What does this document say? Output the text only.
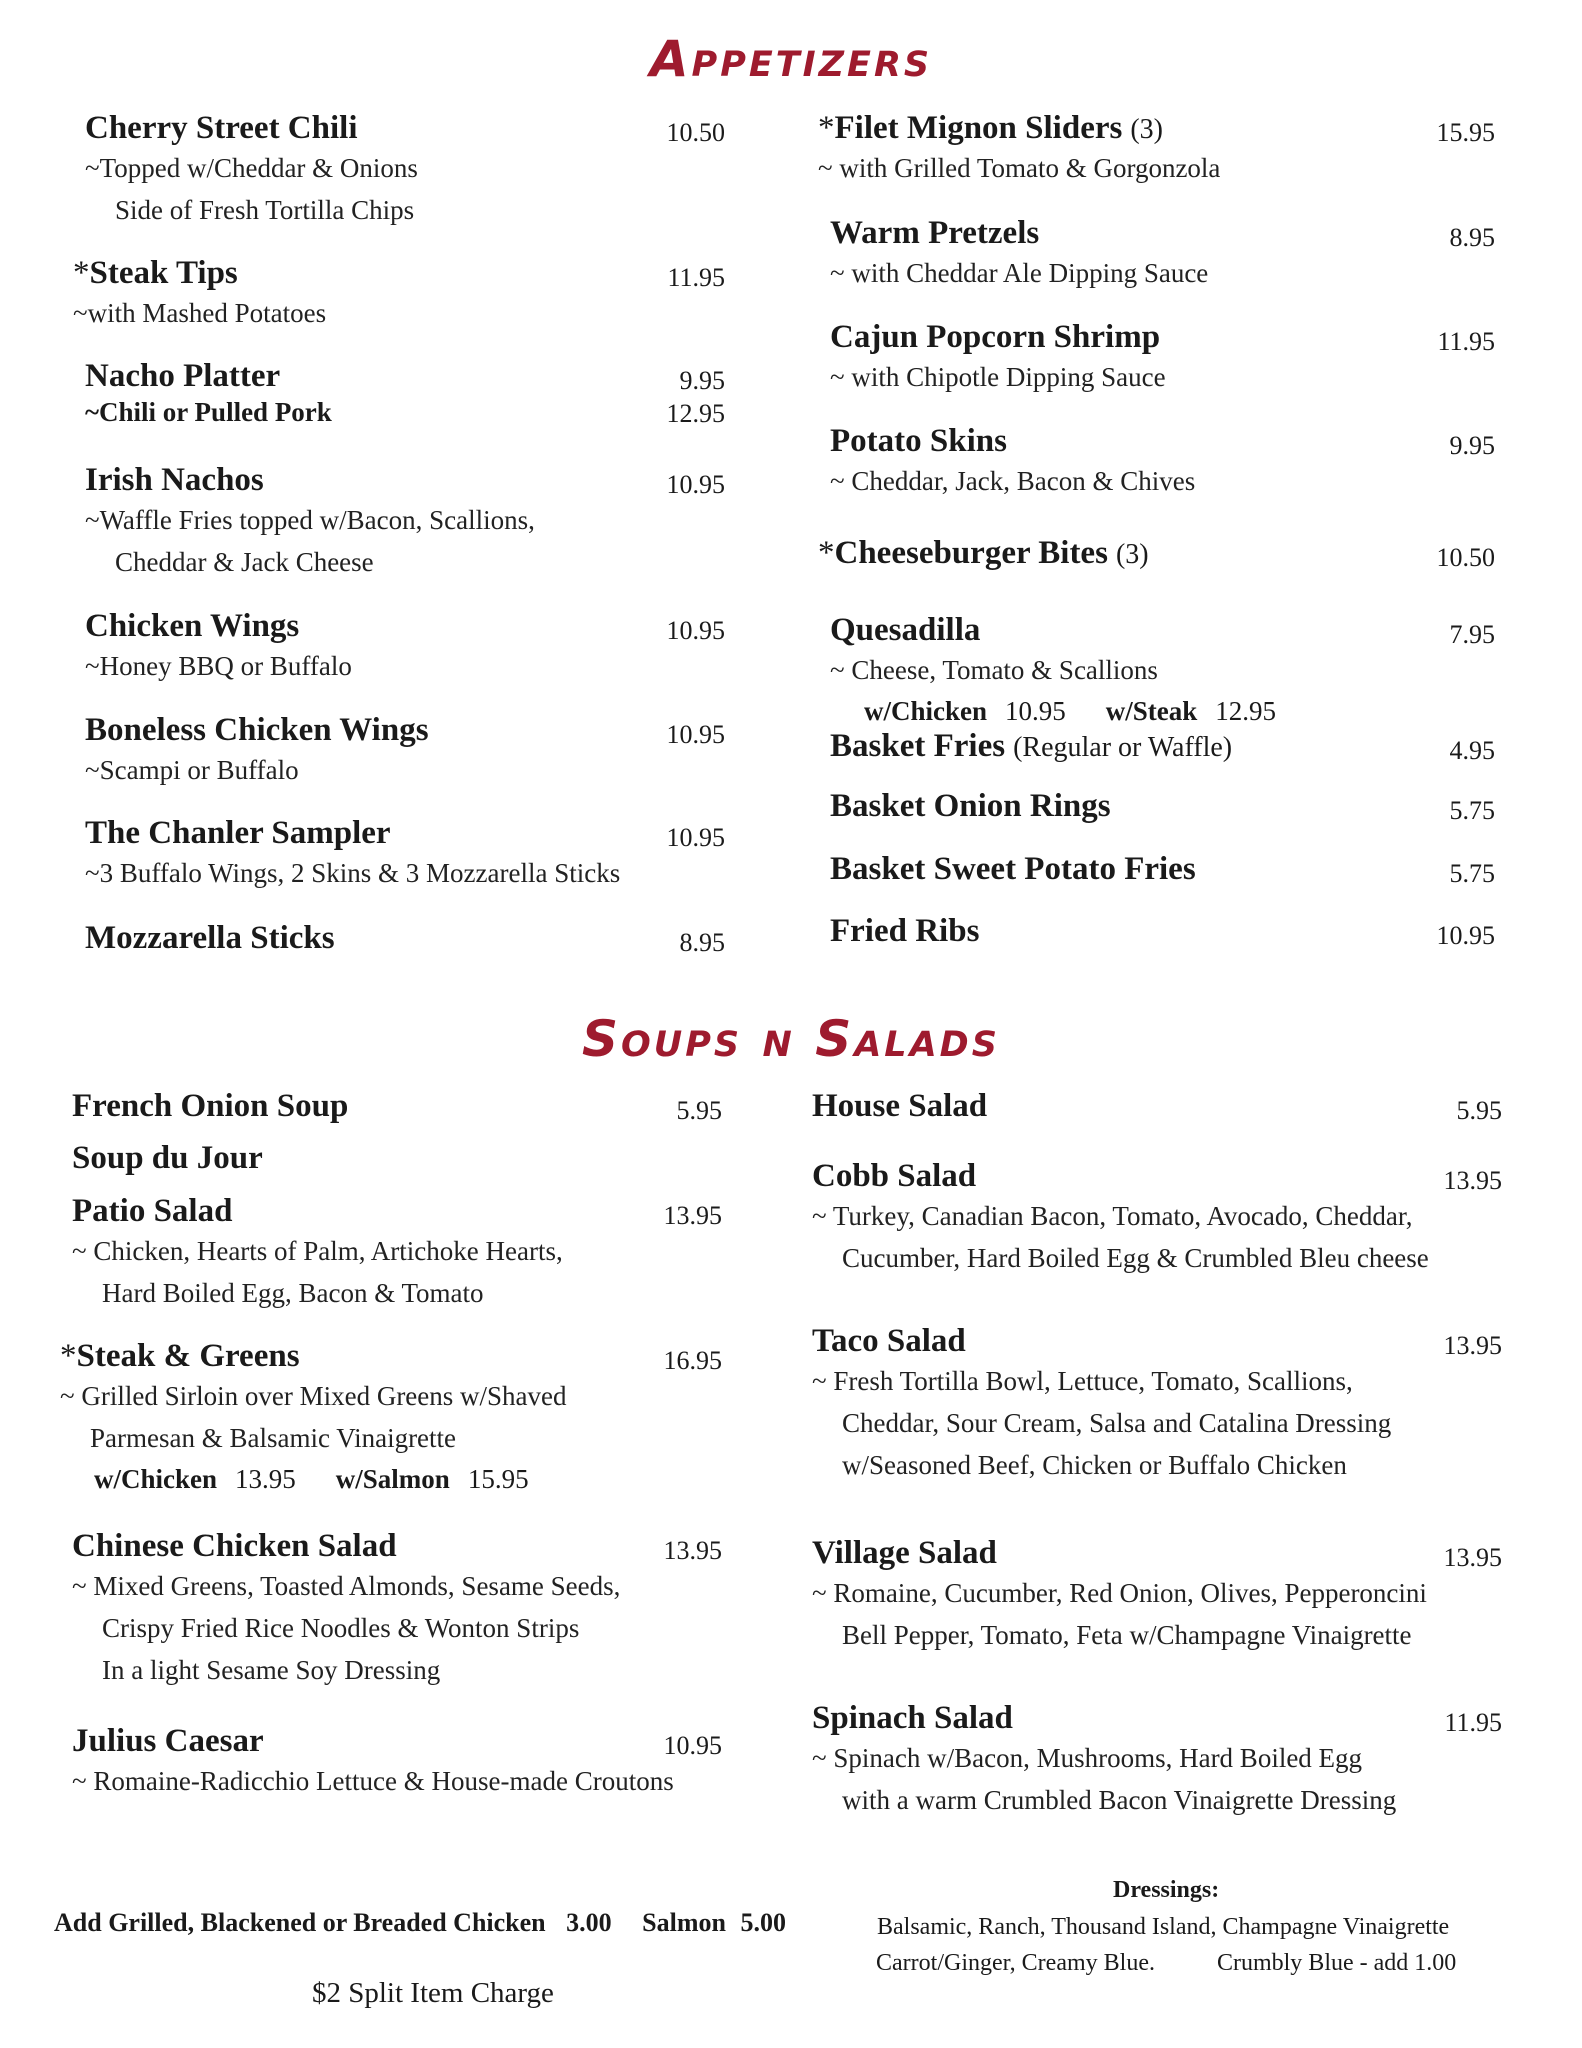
Appetizers
Soups n Salads
Cherry Street Chili	10.50
~Topped w/Cheddar & Onions
Side of Fresh Tortilla Chips
* Steak Tips	11.95
~with Mashed Potatoes
Nacho Platter	9.95
~Chili or Pulled Pork	12.95
Irish Nachos	10.95
~Waffle Fries topped w/Bacon, Scallions,
Cheddar & Jack Cheese
Chicken Wings	10.95
~Honey BBQ or Buffalo
Boneless Chicken Wings	10.95
~Scampi or Buffalo
The Chanler Sampler	10.95
~3 Buffalo Wings, 2 Skins & 3 Mozzarella Sticks
Mozzarella Sticks	8.95
* Filet Mignon Sliders (3)	15.95
~ with Grilled Tomato & Gorgonzola
Warm Pretzels	8.95
~ with Cheddar Ale Dipping Sauce
Cajun Popcorn Shrimp	11.95
~ with Chipotle Dipping Sauce
Potato Skins	9.95
~ Cheddar, Jack, Bacon & Chives
* Cheeseburger Bites (3)	10.50
Quesadilla	7.95
~ Cheese, Tomato & Scallions
w/Chicken 10.95 w/Steak 12.95
Basket Fries (Regular or Waffle)	4.95
Basket Onion Rings	5.75
Basket Sweet Potato Fries	5.75
Fried Ribs	10.95
French Onion Soup	5.95
Soup du Jour
Patio Salad	13.95
~ Chicken, Hearts of Palm, Artichoke Hearts,
Hard Boiled Egg, Bacon & Tomato
* Steak & Greens	16.95
~ Grilled Sirloin over Mixed Greens w/Shaved
Parmesan & Balsamic Vinaigrette
w/Chicken 13.95 w/Salmon 15.95
Chinese Chicken Salad	13.95
~ Mixed Greens, Toasted Almonds, Sesame Seeds,
Crispy Fried Rice Noodles & Wonton Strips
In a light Sesame Soy Dressing
Julius Caesar	10.95
~ Romaine-Radicchio Lettuce & House-made Croutons
House Salad	5.95
Cobb Salad	13.95
~ Turkey, Canadian Bacon, Tomato, Avocado, Cheddar,
Cucumber, Hard Boiled Egg & Crumbled Bleu cheese
Taco Salad	13.95
~ Fresh Tortilla Bowl, Lettuce, Tomato, Scallions,
Cheddar, Sour Cream, Salsa and Catalina Dressing
w/Seasoned Beef, Chicken or Buffalo Chicken
Village Salad	13.95
~ Romaine, Cucumber, Red Onion, Olives, Pepperoncini
Bell Pepper, Tomato, Feta w/Champagne Vinaigrette
Spinach Salad	11.95
~ Spinach w/Bacon, Mushrooms, Hard Boiled Egg
with a warm Crumbled Bacon Vinaigrette Dressing
Add Grilled, Blackened or Breaded Chicken 3.00 Salmon 5.00
$2 Split Item Charge
Dressings:
Balsamic, Ranch, Thousand Island, Champagne Vinaigrette
Carrot/Ginger, Creamy Blue.	Crumbly Blue - add 1.00
